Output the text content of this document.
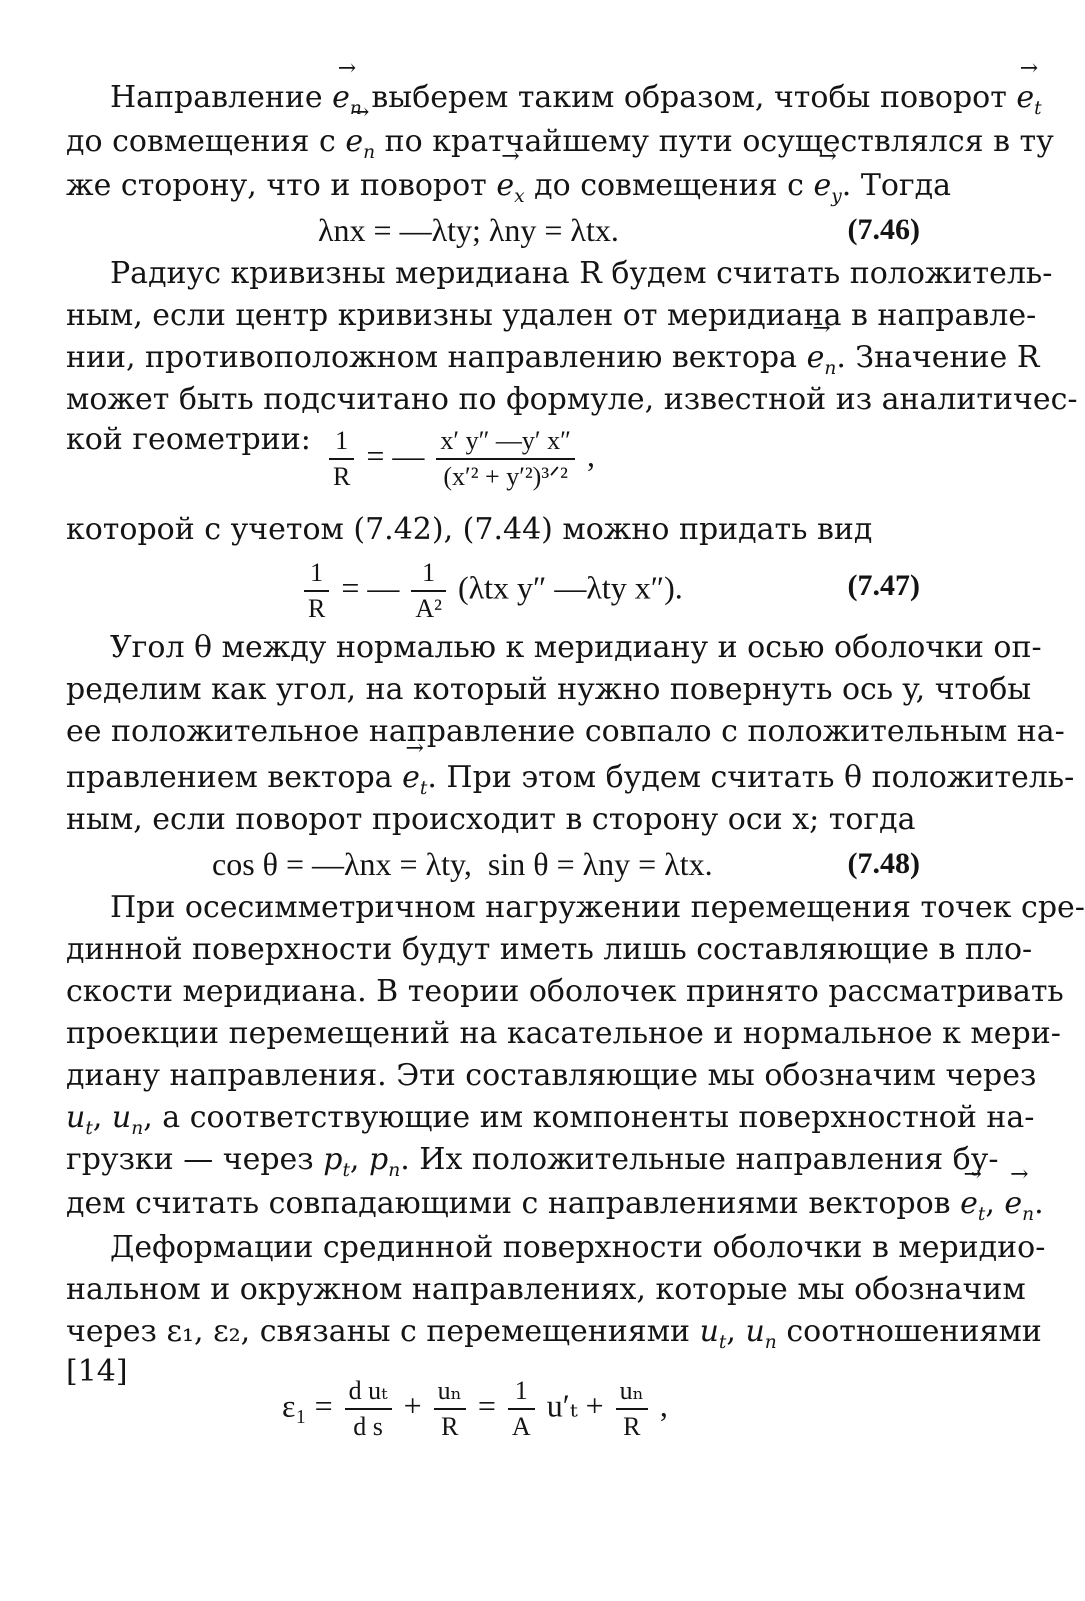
Направление → $e_n$ выберем таким образом, чтобы поворот → $e_t$
до совмещения $с \to e_n$ по кратчайшему пути осуществлялся в ту
же сторону, что и поворот → $e_x$ до совмещения $с \to e_y$. Тогда
λnx = —λty; λny = λtx.	(7.46)
Радиус кривизны меридиана R будем считать положитель-
ным, если центр кривизны удален от меридиана в направле-
нии, противоположном направлению вектора → $e_n$. Значение R
может быть подсчитано по формуле, известной из аналитичес-
кой геометрии: $\frac{1}{R}$ = — $\frac{x' y'' —y' x''}{\text{(x′² + y′²)³ᐟ²}}$ ,
которой с учетом (7.42), (7.44) можно придать вид
$\frac{1}{R}$ = — $\frac{1}{\text{A²}} (\lambda tx$ y″ —λty x″).	(7.47)
Угол θ между нормалью к меридиану и осью оболочки оп-
ределим как угол, на который нужно повернуть ось y, чтобы
ее положительное направление совпало с положительным на-
правлением вектора → $e_t$. При этом будем считать θ положитель-
ным, если поворот происходит в сторону оси x; тогда
cos θ = —λnx = λty, sin θ = λny = λtx.	(7.48)
При осесимметричном нагружении перемещения точек сре-
динной поверхности будут иметь лишь составляющие в пло-
скости меридиана. В теории оболочек принято рассматривать
проекции перемещений на касательное и нормальное к мери-
диану направления. Эти составляющие мы обозначим через
$u_t$, $u_n$, а соответствующие им компоненты поверхностной на-
грузки — через $p_t$, $p_n$. Их положительные направления бу-
дем считать совпадающими с направлениями векторов → $e_t$, → $e_n$.
Деформации срединной поверхности оболочки в меридио-
нальном и окружном направлениях, которые мы обозначим
через ε₁, ε₂, связаны с перемещениями $u_t$, $u_n$ соотношениями
[14]
$\varepsilon_1 = \frac{\text{d uₜ}}{\text{d s}} + \frac{\text{uₙ}}{R} = \frac{1}{A} u'_t + \frac{\text{uₙ}}{R}$ ,
